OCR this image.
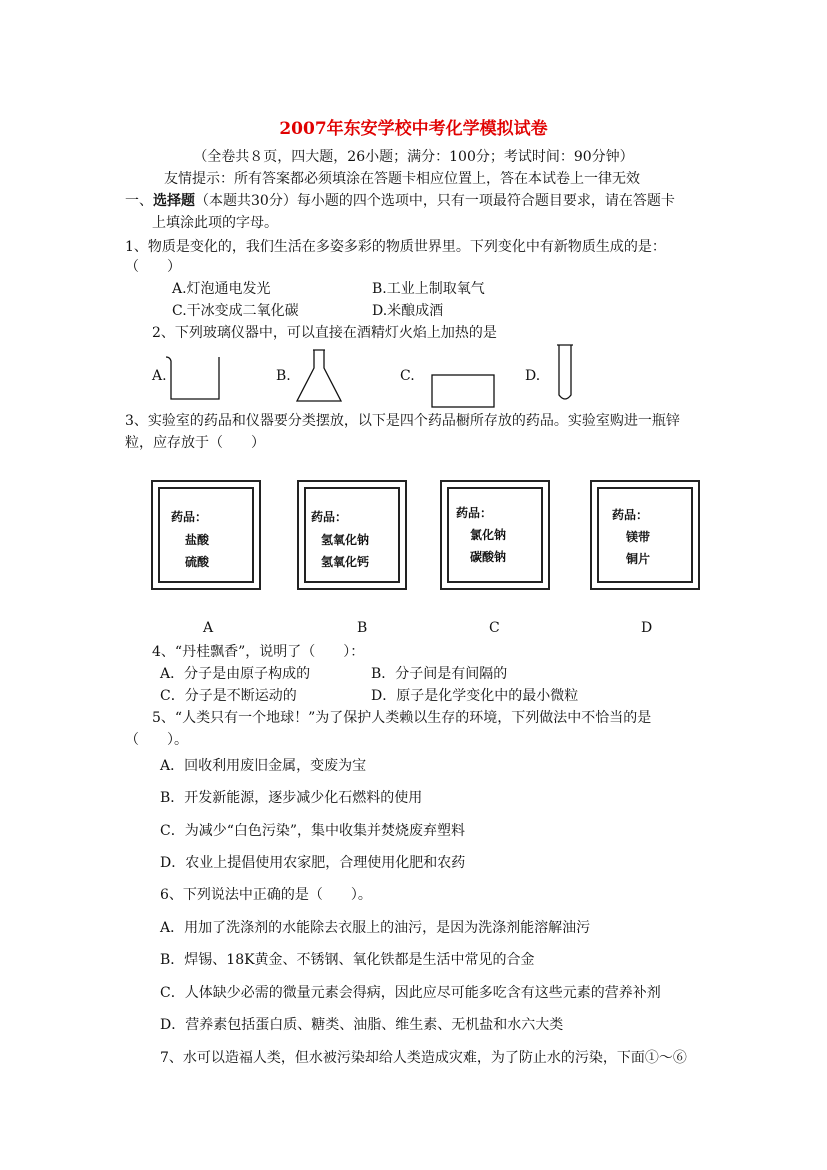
2007年东安学校中考化学模拟试卷
（全卷共８页，四大题，26小题；满分：100分；考试时间：90分钟）
友情提示：所有答案都必须填涂在答题卡相应位置上，答在本试卷上一律无效
一、选择题（本题共30分）每小题的四个选项中，只有一项最符合题目要求，请在答题卡
上填涂此项的字母。
1、物质是变化的，我们生活在多姿多彩的物质世界里。下列变化中有新物质生成的是：
（　　）
A.灯泡通电发光	B.工业上制取氧气
C.干冰变成二氧化碳	D.米酿成酒
2、下列玻璃仪器中，可以直接在酒精灯火焰上加热的是
A.	B.	C.	D.
3、实验室的药品和仪器要分类摆放，以下是四个药品橱所存放的药品。实验室购进一瓶锌
粒，应存放于（　　）
药品：
盐酸
硫酸
药品：
氢氧化钠
氢氧化钙
药品：
氯化钠
碳酸钠
药品：
镁带
铜片
A	B	C	D
4、“丹桂飘香”，说明了（　　）：
A．分子是由原子构成的	B．分子间是有间隔的
C．分子是不断运动的	D．原子是化学变化中的最小微粒
5、“人类只有一个地球！”为了保护人类赖以生存的环境，下列做法中不恰当的是
（　　）。
A．回收利用废旧金属，变废为宝
B．开发新能源，逐步减少化石燃料的使用
C．为减少“白色污染”，集中收集并焚烧废弃塑料
D．农业上提倡使用农家肥，合理使用化肥和农药
6、下列说法中正确的是（　　）。
A．用加了洗涤剂的水能除去衣服上的油污，是因为洗涤剂能溶解油污
B．焊锡、18K黄金、不锈钢、氧化铁都是生活中常见的合金
C．人体缺少必需的微量元素会得病，因此应尽可能多吃含有这些元素的营养补剂
D．营养素包括蛋白质、糖类、油脂、维生素、无机盐和水六大类
7、水可以造福人类，但水被污染却给人类造成灾难，为了防止水的污染，下面①～⑥
